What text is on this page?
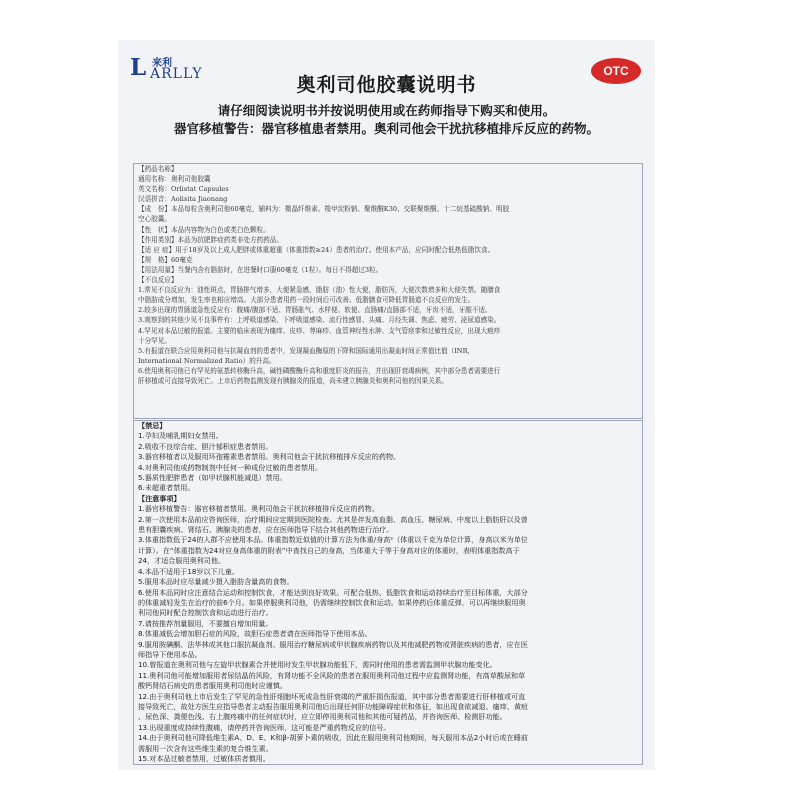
L 来利
ARLLY	OTC
奥利司他胶囊说明书
请仔细阅读说明书并按说明使用或在药师指导下购买和使用。
器官移植警告：器官移植患者禁用。奥利司他会干扰抗移植排斥反应的药物。

【药品名称】

通用名称：奥利司他胶囊

英文名称：Orlistat Capsules

汉语拼音：Aolisita Jiaonang

【成　份】本品每粒含奥利司他60毫克，辅料为：微晶纤维素、羧甲淀粉钠、聚维酮K30、交联聚维酮、十二烷基硫酸钠、明胶

空心胶囊。

【性　状】本品内容物为白色或类白色颗粒。

【作用类别】本品为抗肥胖症药类非处方药药品。

【适 应 症】用于18岁及以上成人肥胖或体重超重（体重指数≥24）患者的治疗。使用本产品，应同时配合低热低脂饮食。

【规　格】60毫克

【用法用量】当餐内含有脂肪时，在进餐时口服60毫克（1粒）。每日不得超过3粒。

【不良反应】

1.常见不良反应为：油性斑点，胃肠排气增多，大便紧急感，脂肪（油）性大便，脂肪泻，大便次数增多和大便失禁。随膳食

中脂肪成分增加，发生率也相应增高。大部分患者用药一段时间后可改善。低脂膳食可降低胃肠道不良反应的发生。

2.较多出现的胃肠道急性反应有：腹痛/腹部不适、胃肠胀气、水样便、软便、直肠痛/直肠部不适，牙齿不适，牙龈不适。

3.观察到的其他少见不良事件有：上呼吸道感染、下呼吸道感染、流行性感冒、头痛、月经失调、焦虑、疲劳、泌尿道感染。

4.罕见对本品过敏的报道。主要的临床表现为瘙痒、皮疹、荨麻疹、血管神经性水肿、支气管痉挛和过敏性反应，出现大疱疹

十分罕见。

5.有报道在联合应用奥利司他与抗凝血剂的患者中，发现凝血酶原的下降和国际通用出凝血时间正常值比值（INR，

International Normalized Ratio）的升高。

6.使用奥利司他已有罕见的氨基转移酶升高，碱性磷酸酶升高和重度肝炎的报告，并出现肝衰竭病例，其中部分患者需要进行

肝移植或可直接导致死亡。上市后药物监测发现有胰腺炎的报道，尚未建立胰腺炎和奥利司他的因果关系。

【禁忌】

1.孕妇及哺乳期妇女禁用。

2.吸收不良综合症、胆汁郁积症患者禁用。

3.器官移植者以及服用环孢霉素患者禁用。奥利司他会干扰抗移植排斥反应的药物。

4.对奥利司他或药物制剂中任何一种成份过敏的患者禁用。

5.器质性肥胖患者（如甲状腺机能减退）禁用。

6.未超重者禁用。

【注意事项】

1.器官移植警告：器官移植者禁用。奥利司他会干扰抗移植排斥反应的药物。

2.第一次使用本品前应咨询医师，治疗期间应定期到医院检查。尤其是伴发高血脂、高血压、糖尿病、中度以上脂肪肝以及曾

患有胆囊疾病、肾结石、胰腺炎的患者，应在医师指导下结合其他药物进行治疗。

3.体重指数低于24的人群不应使用本品。体重指数近似值的计算方法为体重/身高²（体重以千克为单位计算，身高以米为单位

计算）。在“体重指数为24对应身高体重的附表”中查找自己的身高，当体重大于等于身高对应的体重时，表明体重指数高于

24，才适合服用奥利司他。

4.本品不适用于18岁以下儿童。

5.服用本品时应尽量减少摄入脂肪含量高的食物。

6.使用本品同时应注意结合运动和控制饮食，才能达到良好效果。可配合低热、低脂饮食和运动持续治疗至目标体重，大部分

的体重减轻发生在治疗的前6个月。如果停服奥利司他，仍需继续控制饮食和运动。如果停药后体重反弹，可以再继续服用奥

利司他同时配合控制饮食和运动进行治疗。

7.请按推荐剂量服用，不要擅自增加用量。

8.体重减低会增加胆石症的风险，故胆石症患者请在医师指导下使用本品。

9.服用胺碘酮、法华林或其他口服抗凝血剂、服用治疗糖尿病或甲状腺疾病药物以及其他减肥药物或肾脏疾病的患者，应在医

师指导下使用本品。

10.曾报道在奥利司他与左旋甲状腺素合并使用时发生甲状腺功能低下，需同时使用的患者需监测甲状腺功能变化。

11.奥利司他可能增加服用者尿结晶的风险，有肾功能不全风险的患者在服用奥利司他过程中应监测肾功能，有高草酸尿和草

酸钙肾结石病史的患者服用奥利司他时应谨慎。

12.由于奥利司他上市后发生了罕见的急性肝细胞坏死或急性肝衰竭的严重肝损伤报道，其中部分患者需要进行肝移植或可直

接导致死亡，故处方医生应指导患者主动报告服用奥利司他后出现任何肝功能障碍症状和体征，如出现食欲减退、瘙痒、黄疸

、尿色深、粪便色浅、右上腹疼痛中的任何症状时，应立即停用奥利司他和其他可疑药品，并咨询医师、检测肝功能。

13.出现重度或持续性腹痛，请停药并咨询医师，这可能是严重药物反应的信号。

14.由于奥利司他可降低维生素A、D、E、K和β-胡萝卜素的吸收，因此在服用奥利司他期间，每天服用本品2小时后或在睡前

需服用一次含有这些维生素的复合维生素。

15.对本品过敏者禁用，过敏体质者慎用。
